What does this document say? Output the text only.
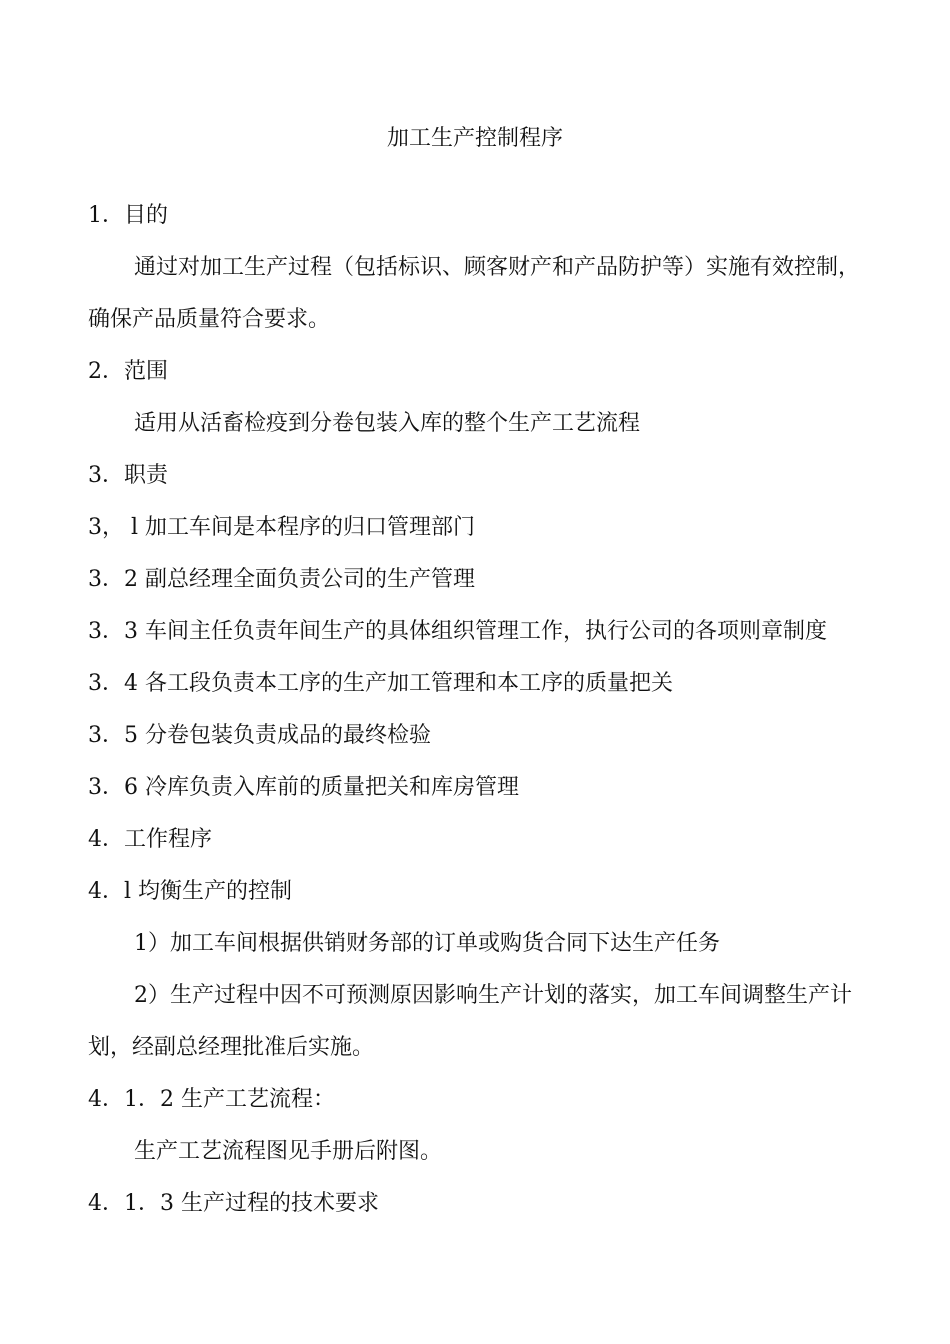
加工生产控制程序
1．目的
通过对加工生产过程（包括标识、顾客财产和产品防护等）实施有效控制，
确保产品质量符合要求。
2．范围
适用从活畜检疫到分卷包装入库的整个生产工艺流程
3．职责
3， l 加工车间是本程序的归口管理部门
3．2 副总经理全面负责公司的生产管理
3．3 车间主任负责年间生产的具体组织管理工作，执行公司的各项则章制度
3．4 各工段负责本工序的生产加工管理和本工序的质量把关
3．5 分卷包装负责成品的最终检验
3．6 冷库负责入库前的质量把关和库房管理
4．工作程序
4．l 均衡生产的控制
1）加工车间根据供销财务部的订单或购货合同下达生产任务
2）生产过程中因不可预测原因影响生产计划的落实，加工车间调整生产计
划，经副总经理批准后实施。
4．1．2 生产工艺流程：
生产工艺流程图见手册后附图。
4．1．3 生产过程的技术要求
